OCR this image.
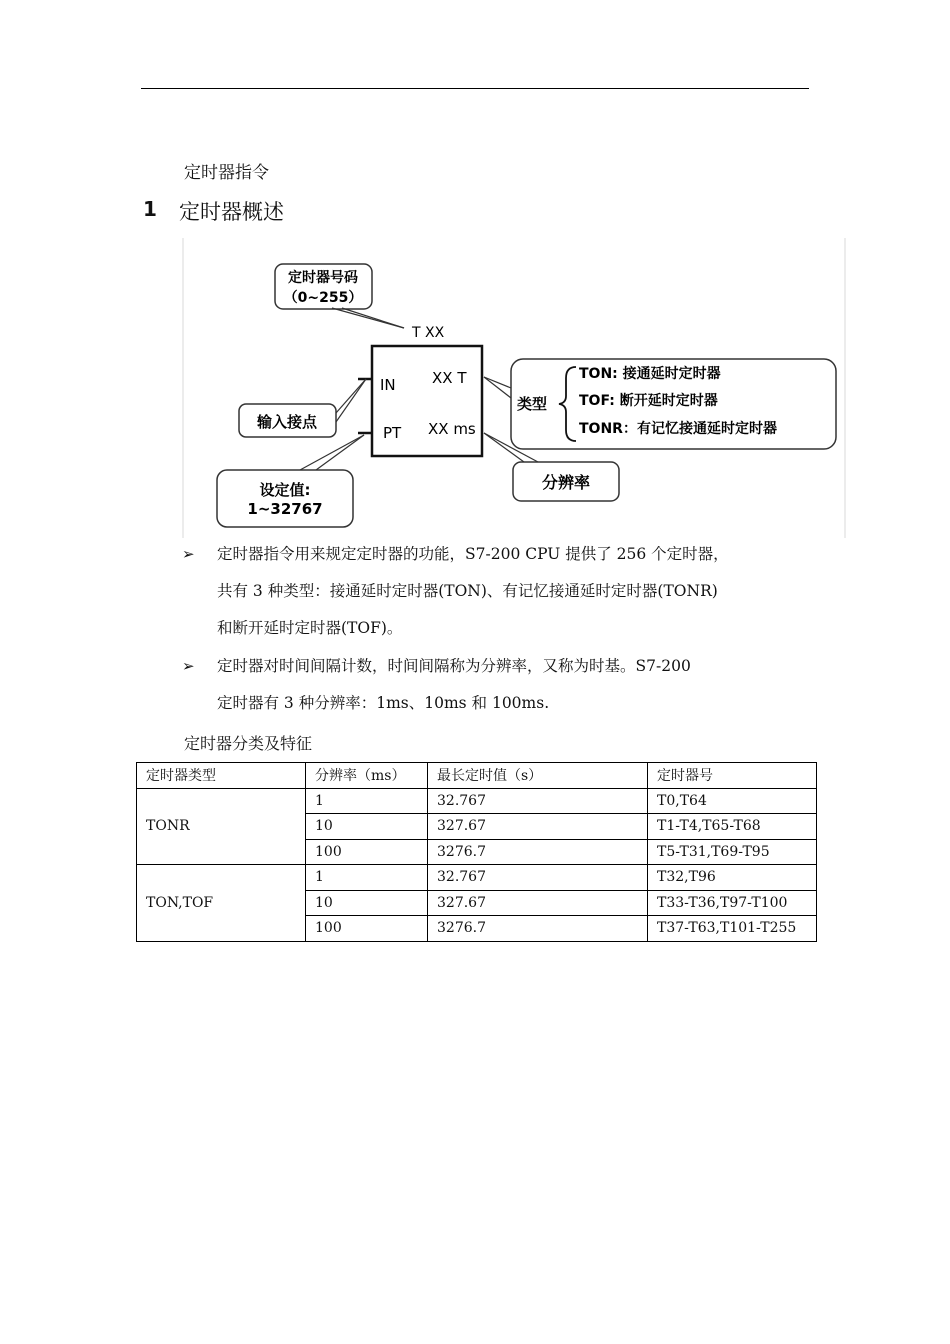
定时器指令
1 定时器概述
定时器号码
（0~255）
T XX
IN
PT
XX T
XX ms
输入接点
设定值:
1~32767
类型
TON: 接通延时定时器
TOF: 断开延时定时器
TONR：有记忆接通延时定时器
分辨率
➢	定时器指令用来规定定时器的功能，S7-200 CPU 提供了 256 个定时器，
共有 3 种类型：接通延时定时器(TON)、有记忆接通延时定时器(TONR)
和断开延时定时器(TOF)。
➢	定时器对时间间隔计数，时间间隔称为分辨率，又称为时基。S7-200
定时器有 3 种分辨率：1ms、10ms 和 100ms.
定时器分类及特征
定时器类型	分辨率（ms）	最长定时值（s）	定时器号
TONR	1	32.767	T0,T64
	10	327.67	T1-T4,T65-T68
	100	3276.7	T5-T31,T69-T95
TON,TOF	1	32.767	T32,T96
	10	327.67	T33-T36,T97-T100
	100	3276.7	T37-T63,T101-T255
